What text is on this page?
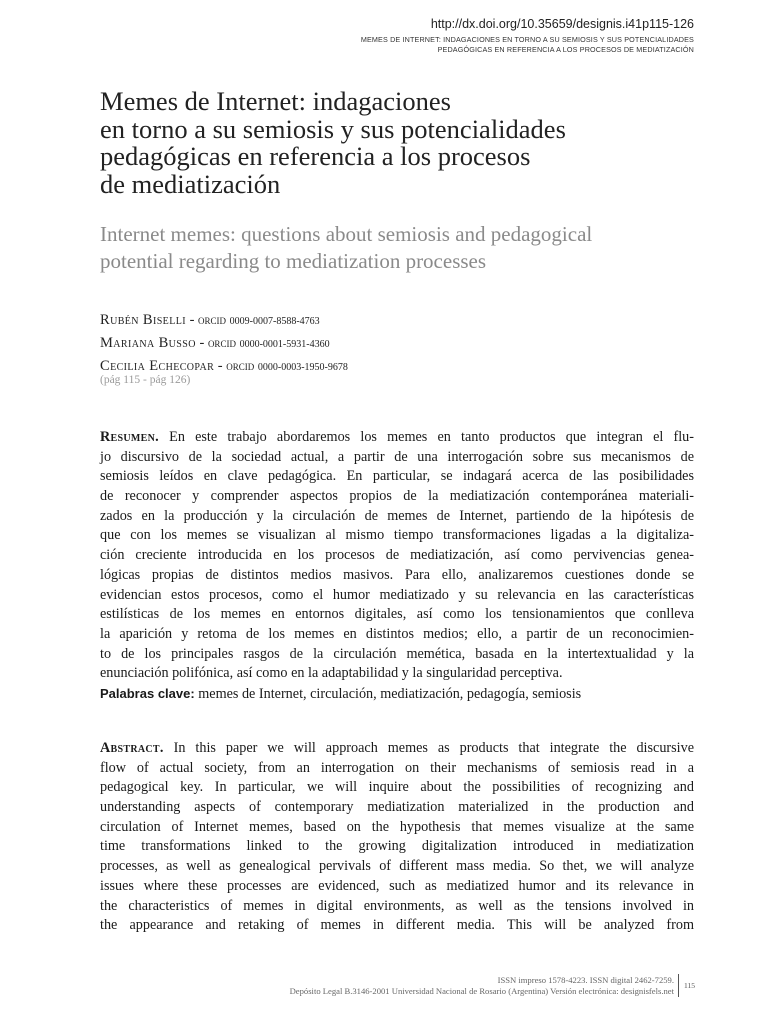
http://dx.doi.org/10.35659/designis.i41p115-126
MEMES DE INTERNET: INDAGACIONES EN TORNO A SU SEMIOSIS Y SUS POTENCIALIDADES
PEDAGÓGICAS EN REFERENCIA A LOS PROCESOS DE MEDIATIZACIÓN
Memes de Internet: indagaciones
en torno a su semiosis y sus potencialidades
pedagógicas en referencia a los procesos
de mediatización
Internet memes: questions about semiosis and pedagogical
potential regarding to mediatization processes
Rubén Biselli - orcid 0009-0007-8588-4763
Mariana Busso - orcid 0000-0001-5931-4360
Cecilia Echecopar - orcid 0000-0003-1950-9678
(pág 115 - pág 126)
Resumen. En este trabajo abordaremos los memes en tanto productos que integran el flu-
jo discursivo de la sociedad actual, a partir de una interrogación sobre sus mecanismos de
semiosis leídos en clave pedagógica. En particular, se indagará acerca de las posibilidades
de reconocer y comprender aspectos propios de la mediatización contemporánea materiali-
zados en la producción y la circulación de memes de Internet, partiendo de la hipótesis de
que con los memes se visualizan al mismo tiempo transformaciones ligadas a la digitaliza-
ción creciente introducida en los procesos de mediatización, así como pervivencias genea-
lógicas propias de distintos medios masivos. Para ello, analizaremos cuestiones donde se
evidencian estos procesos, como el humor mediatizado y su relevancia en las características
estilísticas de los memes en entornos digitales, así como los tensionamientos que conlleva
la aparición y retoma de los memes en distintos medios; ello, a partir de un reconocimien-
to de los principales rasgos de la circulación memética, basada en la intertextualidad y la
enunciación polifónica, así como en la adaptabilidad y la singularidad perceptiva.
Palabras clave: memes de Internet, circulación, mediatización, pedagogía, semiosis
Abstract. In this paper we will approach memes as products that integrate the discursive
flow of actual society, from an interrogation on their mechanisms of semiosis read in a
pedagogical key. In particular, we will inquire about the possibilities of recognizing and
understanding aspects of contemporary mediatization materialized in the production and
circulation of Internet memes, based on the hypothesis that memes visualize at the same
time transformations linked to the growing digitalization introduced in mediatization
processes, as well as genealogical pervivals of different mass media. So thet, we will analyze
issues where these processes are evidenced, such as mediatized humor and its relevance in
the characteristics of memes in digital environments, as well as the tensions involved in
the appearance and retaking of memes in different media. This will be analyzed from
ISSN impreso 1578-4223. ISSN digital 2462-7259.
Depósito Legal B.3146-2001 Universidad Nacional de Rosario (Argentina) Versión electrónica: designisfels.net 115
